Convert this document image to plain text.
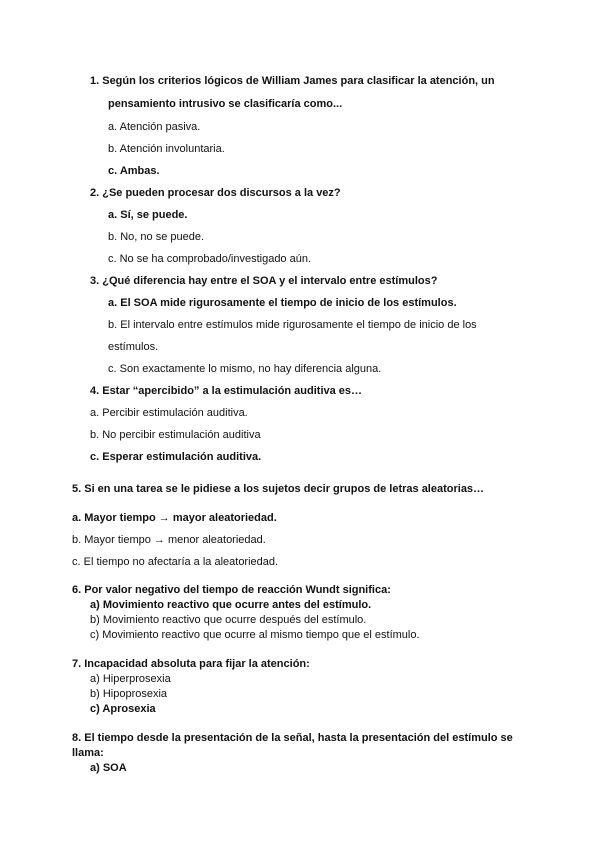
1. Según los criterios lógicos de William James para clasificar la atención, un
pensamiento intrusivo se clasificaría como...
a. Atención pasiva.
b. Atención involuntaria.
c. Ambas.
2. ¿Se pueden procesar dos discursos a la vez?
a. Sí, se puede.
b. No, no se puede.
c. No se ha comprobado/investigado aún.
3. ¿Qué diferencia hay entre el SOA y el intervalo entre estímulos?
a. El SOA mide rigurosamente el tiempo de inicio de los estímulos.
b. El intervalo entre estímulos mide rigurosamente el tiempo de inicio de los
estímulos.
c. Son exactamente lo mismo, no hay diferencia alguna.
4. Estar “apercibido” a la estimulación auditiva es…
a. Percibir estimulación auditiva.
b. No percibir estimulación auditiva
c. Esperar estimulación auditiva.
5. Si en una tarea se le pidiese a los sujetos decir grupos de letras aleatorias…
a. Mayor tiempo → mayor aleatoriedad.
b. Mayor tiempo → menor aleatoriedad.
c. El tiempo no afectaría a la aleatoriedad.
6. Por valor negativo del tiempo de reacción Wundt significa:
a) Movimiento reactivo que ocurre antes del estímulo.
b) Movimiento reactivo que ocurre después del estímulo.
c) Movimiento reactivo que ocurre al mismo tiempo que el estímulo.
7. Incapacidad absoluta para fijar la atención:
a) Hiperprosexia
b) Hipoprosexia
c) Aprosexia
8. El tiempo desde la presentación de la señal, hasta la presentación del estímulo se
llama:
a) SOA
